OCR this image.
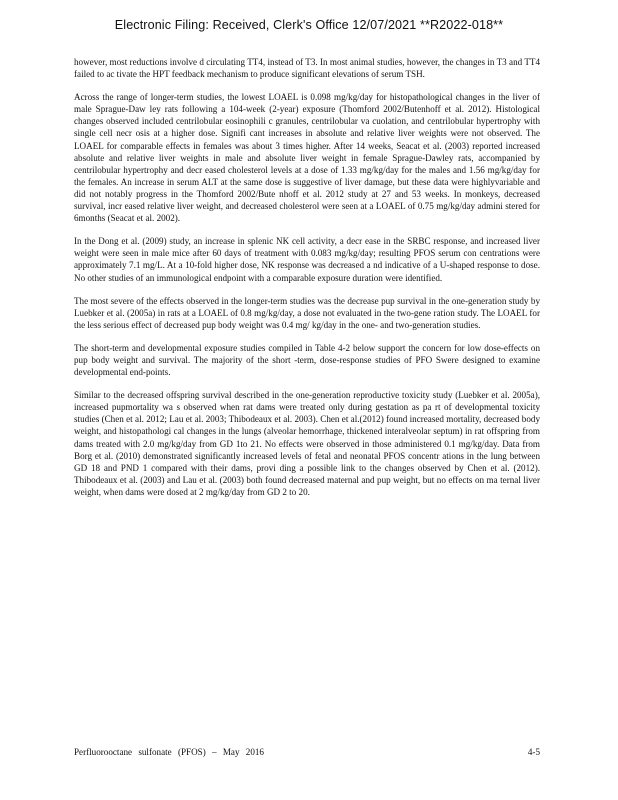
Electronic Filing: Received, Clerk's Office 12/07/2021 **R2022-018**

however, most reductions involve d circulating TT4, instead of T3. In most animal studies, however, the changes in T3 and TT4 failed to ac tivate the HPT feedback mechanism to produce significant elevations of serum TSH.

Across the range of longer-term studies, the lowest LOAEL is 0.098 mg/kg/day for histopathological changes in the liver of male Sprague-Daw ley rats following a 104-week (2-year) exposure (Thomford 2002/Butenhoff et al. 2012). Histological changes observed included centrilobular eosinophili c granules, centrilobular va cuolation, and centrilobular hypertrophy with single cell necr osis at a higher dose. Signifi cant increases in absolute and relative liver weights were not observed. The LOAEL for comparable effects in females was about 3 times higher. After 14 weeks, Seacat et al. (2003) reported increased absolute and relative liver weights in male and absolute liver weight in female Sprague-Dawley rats, accompanied by centrilobular hypertrophy and decr eased cholesterol levels at a dose of 1.33 mg/kg/day for the males and 1.56 mg/kg/day for the females. An increase in serum ALT at the same dose is suggestive of liver damage, but these data were highlyvariable and did not notably progress in the Thomford 2002/Bute nhoff et al. 2012 study at 27 and 53 weeks. In monkeys, decreased survival, incr eased relative liver weight, and decreased cholesterol were seen at a LOAEL of 0.75 mg/kg/day admini stered for 6months (Seacat et al. 2002).

In the Dong et al. (2009) study, an increase in splenic NK cell activity, a decr ease in the SRBC response, and increased liver weight were seen in male mice after 60 days of treatment with 0.083 mg/kg/day; resulting PFOS serum con centrations were approximately 7.1 mg/L. At a 10-fold higher dose, NK response was decreased a nd indicative of a U-shaped response to dose. No other studies of an immunological endpoint with a comparable exposure duration were identified.

The most severe of the effects observed in the longer-term studies was the decrease pup survival in the one-generation study by Luebker et al. (2005a) in rats at a LOAEL of 0.8 mg/kg/day, a dose not evaluated in the two-gene ration study. The LOAEL for the less serious effect of decreased pup body weight was 0.4 mg/ kg/day in the one- and two-generation studies.

The short-term and developmental exposure studies compiled in Table 4-2 below support the concern for low dose-effects on pup body weight and survival. The majority of the short -term, dose-response studies of PFO Swere designed to examine developmental end-points.

Similar to the decreased offspring survival described in the one-generation reproductive toxicity study (Luebker et al. 2005a), increased pupmortality wa s observed when rat dams were treated only during gestation as pa rt of developmental toxicity studies (Chen et al. 2012; Lau et al. 2003; Thibodeaux et al. 2003). Chen et al.(2012) found increased mortality, decreased body weight, and histopathologi cal changes in the lungs (alveolar hemorrhage, thickened interalveolar septum) in rat offspring from dams treated with 2.0 mg/kg/day from GD 1to 21. No effects were observed in those administered 0.1 mg/kg/day. Data from Borg et al. (2010) demonstrated significantly increased levels of fetal and neonatal PFOS concentr ations in the lung between GD 18 and PND 1 compared with their dams, provi ding a possible link to the changes observed by Chen et al. (2012). Thibodeaux et al. (2003) and Lau et al. (2003) both found decreased maternal and pup weight, but no effects on ma ternal liver weight, when dams were dosed at 2 mg/kg/day from GD 2 to 20.

Perfluorooctane sulfonate (PFOS) – May 2016	4-5
